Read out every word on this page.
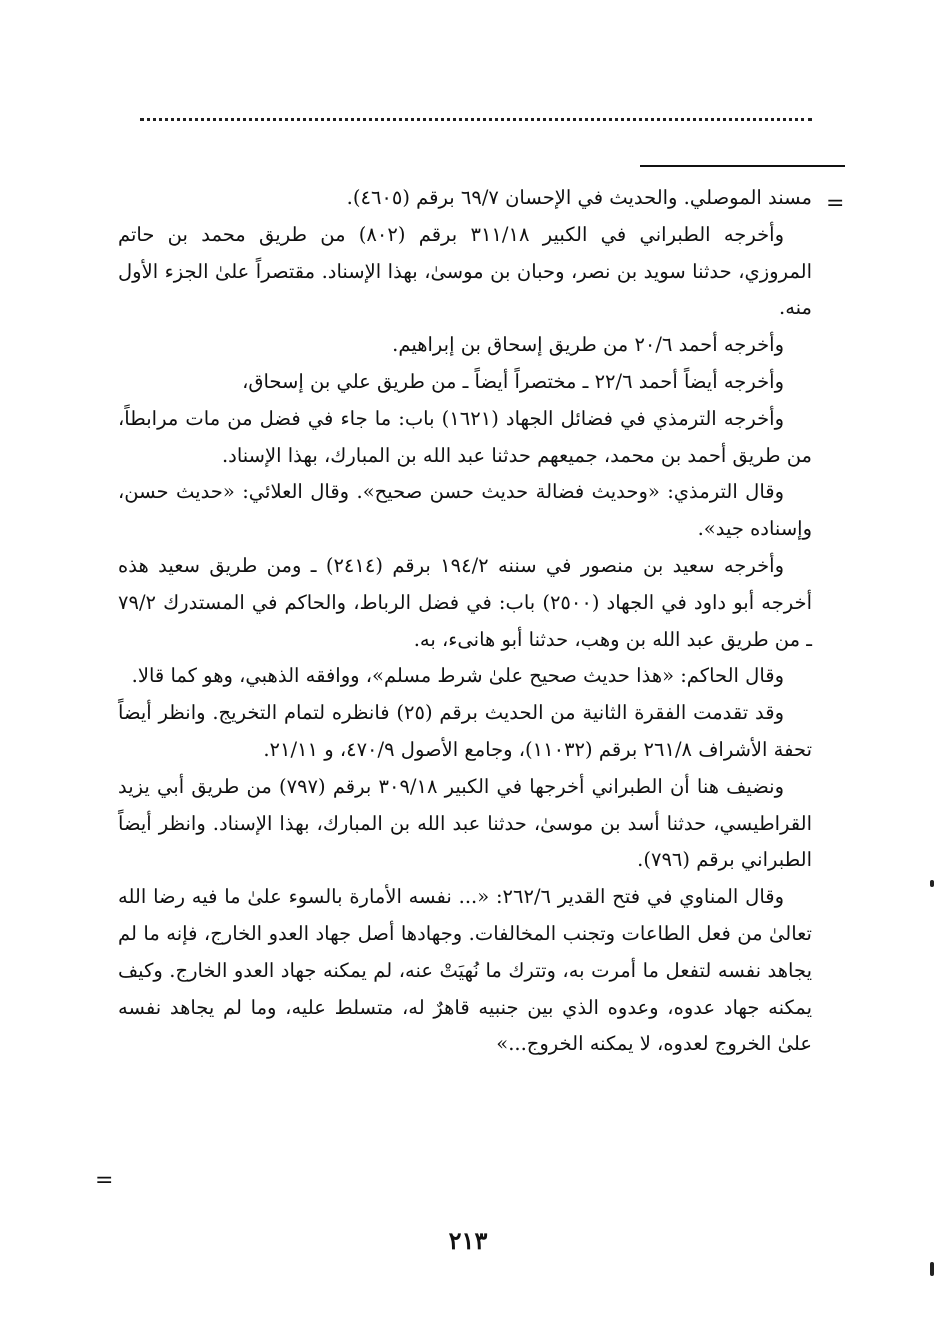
=

مسند الموصلي. والحديث في الإحسان ٦٩/٧ برقم (٤٦٠٥).

وأخرجه الطبراني في الكبير ٣١١/١٨ برقم (٨٠٢) من طريق محمد بن حاتم المروزي، حدثنا سويد بن نصر، وحبان بن موسىٰ، بهذا الإسناد. مقتصراً علىٰ الجزء الأول منه.

وأخرجه أحمد ٢٠/٦ من طريق إسحاق بن إبراهيم.

وأخرجه أيضاً أحمد ٢٢/٦ ـ مختصراً أيضاً ـ من طريق علي بن إسحاق،

وأخرجه الترمذي في فضائل الجهاد (١٦٢١) باب: ما جاء في فضل من مات مرابطاً، من طريق أحمد بن محمد، جميعهم حدثنا عبد الله بن المبارك، بهذا الإسناد.

وقال الترمذي: «وحديث فضالة حديث حسن صحيح». وقال العلائي: «حديث حسن، وإسناده جيد».

وأخرجه سعيد بن منصور في سننه ١٩٤/٢ برقم (٢٤١٤) ـ ومن طريق سعيد هذه أخرجه أبو داود في الجهاد (٢٥٠٠) باب: في فضل الرباط، والحاكم في المستدرك ٧٩/٢ ـ من طريق عبد الله بن وهب، حدثنا أبو هانىء، به.

وقال الحاكم: «هذا حديث صحيح علىٰ شرط مسلم»، ووافقه الذهبي، وهو كما قالا.

وقد تقدمت الفقرة الثانية من الحديث برقم (٢٥) فانظره لتمام التخريج. وانظر أيضاً تحفة الأشراف ٢٦١/٨ برقم (١١٠٣٢)، وجامع الأصول ٤٧٠/٩، و ٢١/١١.

ونضيف هنا أن الطبراني أخرجها في الكبير ٣٠٩/١٨ برقم (٧٩٧) من طريق أبي يزيد القراطيسي، حدثنا أسد بن موسىٰ، حدثنا عبد الله بن المبارك، بهذا الإسناد. وانظر أيضاً الطبراني برقم (٧٩٦).

وقال المناوي في فتح القدير ٢٦٢/٦: «... نفسه الأمارة بالسوء علىٰ ما فيه رضا الله تعالىٰ من فعل الطاعات وتجنب المخالفات. وجهادها أصل جهاد العدو الخارج، فإنه ما لم يجاهد نفسه لتفعل ما أمرت به، وتترك ما نُهيَتْ عنه، لم يمكنه جهاد العدو الخارج. وكيف يمكنه جهاد عدوه، وعدوه الذي بين جنبيه قاهرٌ له، متسلط عليه، وما لم يجاهد نفسه علىٰ الخروج لعدوه، لا يمكنه الخروج...»

=
٢١٣
